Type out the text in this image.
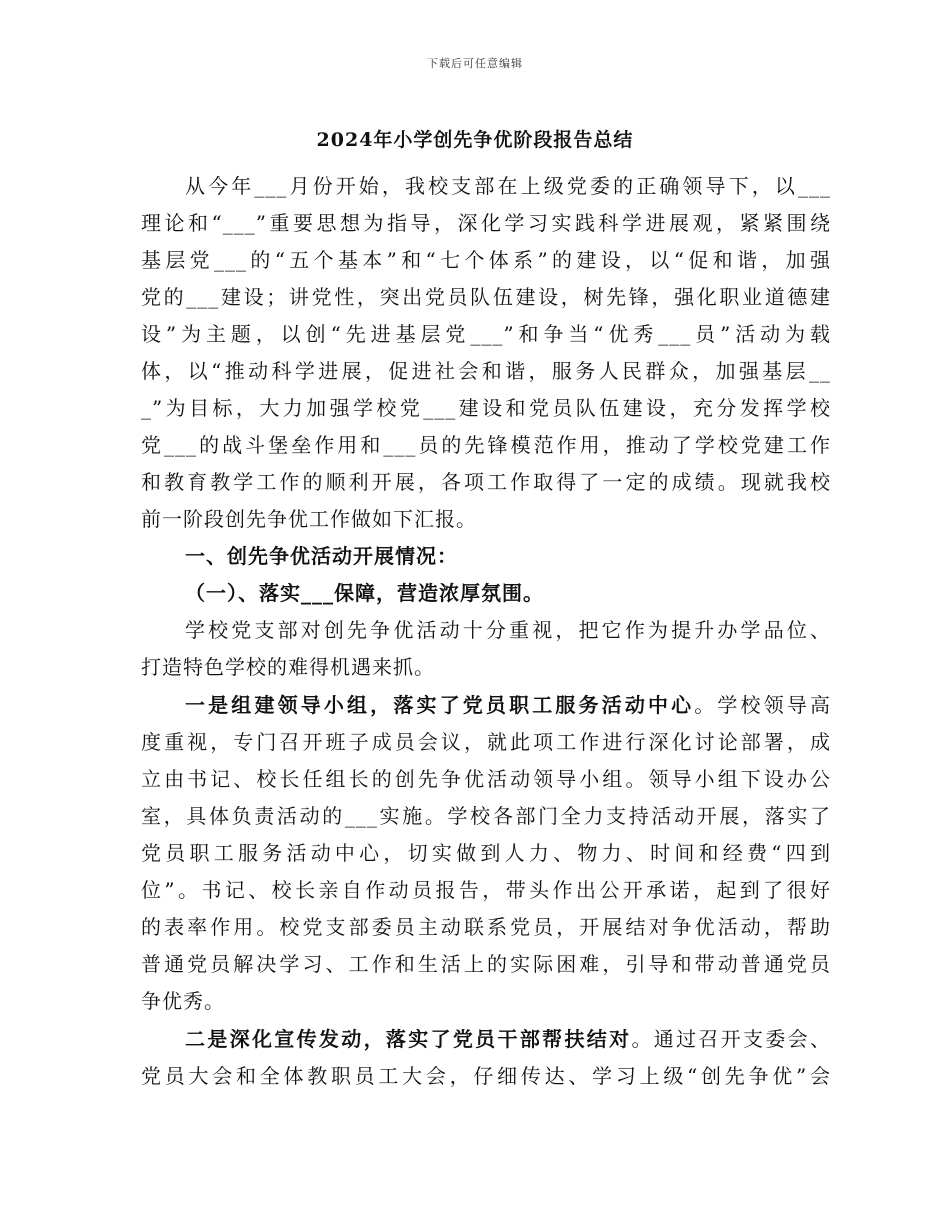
下载后可任意编辑
2024年小学创先争优阶段报告总结
从今年___月份开始，我校支部在上级党委的正确领导下，以___
理论和“___”重要思想为指导，深化学习实践科学进展观，紧紧围绕
基层党___的“五个基本”和“七个体系”的建设，以“促和谐，加强
党的___建设；讲党性，突出党员队伍建设，树先锋，强化职业道德建
设”为主题，以创“先进基层党___”和争当“优秀___员”活动为载
体，以“推动科学进展，促进社会和谐，服务人民群众，加强基层__
_”为目标，大力加强学校党___建设和党员队伍建设，充分发挥学校
党___的战斗堡垒作用和___员的先锋模范作用，推动了学校党建工作
和教育教学工作的顺利开展，各项工作取得了一定的成绩。现就我校
前一阶段创先争优工作做如下汇报。
一、创先争优活动开展情况：
（一）、落实___保障，营造浓厚氛围。
学校党支部对创先争优活动十分重视，把它作为提升办学品位、
打造特色学校的难得机遇来抓。
一是组建领导小组，落实了党员职工服务活动中心。学校领导高
度重视，专门召开班子成员会议，就此项工作进行深化讨论部署，成
立由书记、校长任组长的创先争优活动领导小组。领导小组下设办公
室，具体负责活动的___实施。学校各部门全力支持活动开展，落实了
党员职工服务活动中心，切实做到人力、物力、时间和经费“四到
位”。书记、校长亲自作动员报告，带头作出公开承诺，起到了很好
的表率作用。校党支部委员主动联系党员，开展结对争优活动，帮助
普通党员解决学习、工作和生活上的实际困难，引导和带动普通党员
争优秀。
二是深化宣传发动，落实了党员干部帮扶结对。通过召开支委会、
党员大会和全体教职员工大会，仔细传达、学习上级“创先争优”会
